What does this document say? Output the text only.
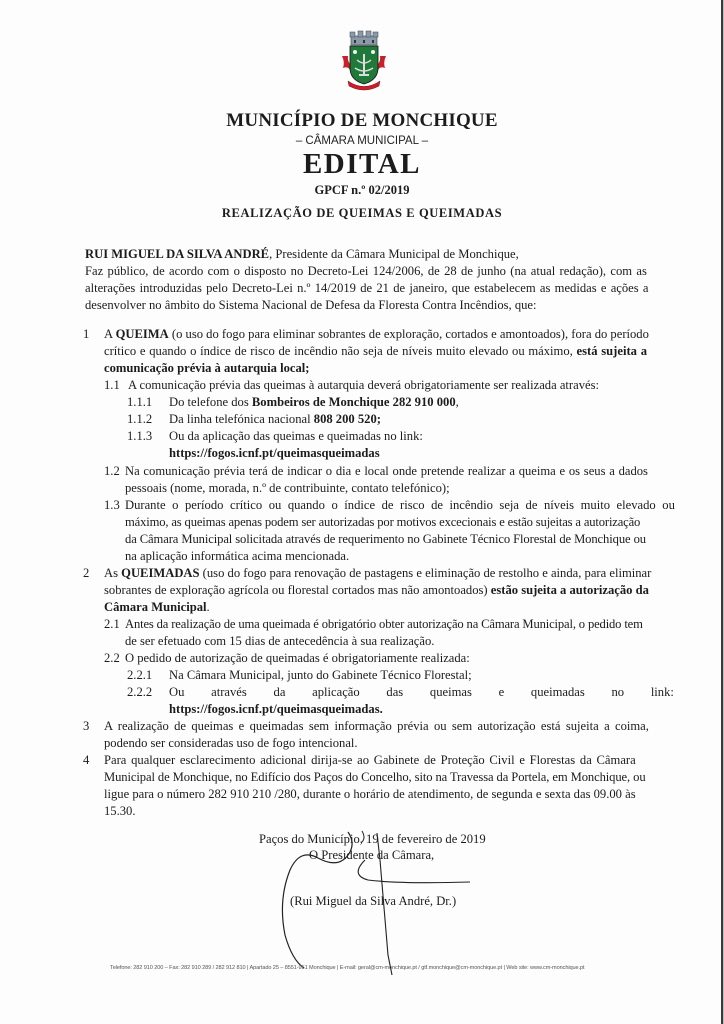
MUNICÍPIO DE MONCHIQUE
– CÂMARA MUNICIPAL –
EDITAL
GPCF n.º 02/2019
REALIZAÇÃO DE QUEIMAS E QUEIMADAS
RUI MIGUEL DA SILVA ANDRÉ, Presidente da Câmara Municipal de Monchique,
Faz público, de acordo com o disposto no Decreto-Lei 124/2006, de 28 de junho (na atual redação), com as
alterações introduzidas pelo Decreto-Lei n.º 14/2019 de 21 de janeiro, que estabelecem as medidas e ações a
desenvolver no âmbito do Sistema Nacional de Defesa da Floresta Contra Incêndios, que:
1 A QUEIMA (o uso do fogo para eliminar sobrantes de exploração, cortados e amontoados), fora do período
crítico e quando o índice de risco de incêndio não seja de níveis muito elevado ou máximo, está sujeita a
comunicação prévia à autarquia local;
1.1 A comunicação prévia das queimas à autarquia deverá obrigatoriamente ser realizada através:
1.1.1 Do telefone dos Bombeiros de Monchique 282 910 000,
1.1.2 Da linha telefónica nacional 808 200 520;
1.1.3 Ou da aplicação das queimas e queimadas no link:
https://fogos.icnf.pt/queimasqueimadas
1.2 Na comunicação prévia terá de indicar o dia e local onde pretende realizar a queima e os seus a dados
pessoais (nome, morada, n.º de contribuinte, contato telefónico);
1.3 Durante o período crítico ou quando o índice de risco de incêndio seja de níveis muito elevado ou
máximo, as queimas apenas podem ser autorizadas por motivos excecionais e estão sujeitas a autorização
da Câmara Municipal solicitada através de requerimento no Gabinete Técnico Florestal de Monchique ou
na aplicação informática acima mencionada.
2 As QUEIMADAS (uso do fogo para renovação de pastagens e eliminação de restolho e ainda, para eliminar
sobrantes de exploração agrícola ou florestal cortados mas não amontoados) estão sujeita a autorização da
Câmara Municipal.
2.1 Antes da realização de uma queimada é obrigatório obter autorização na Câmara Municipal, o pedido tem
de ser efetuado com 15 dias de antecedência à sua realização.
2.2 O pedido de autorização de queimadas é obrigatoriamente realizada:
2.2.1 Na Câmara Municipal, junto do Gabinete Técnico Florestal;
2.2.2 Ou através da aplicação das queimas e queimadas no link:
https://fogos.icnf.pt/queimasqueimadas.
3 A realização de queimas e queimadas sem informação prévia ou sem autorização está sujeita a coima,
podendo ser consideradas uso de fogo intencional.
4 Para qualquer esclarecimento adicional dirija-se ao Gabinete de Proteção Civil e Florestas da Câmara
Municipal de Monchique, no Edifício dos Paços do Concelho, sito na Travessa da Portela, em Monchique, ou
ligue para o número 282 910 210 /280, durante o horário de atendimento, de segunda e sexta das 09.00 às
15.30.
Paços do Município, 19 de fevereiro de 2019
O Presidente da Câmara,
(Rui Miguel da Silva André, Dr.)
Telefone: 282 910 200 – Fax: 282 910 289 / 282 912 810 | Apartado 25 – 8551-951 Monchique | E-mail: geral@cm-monchique.pt / gtf.monchique@cm-monchique.pt | Web site: www.cm-monchique.pt
